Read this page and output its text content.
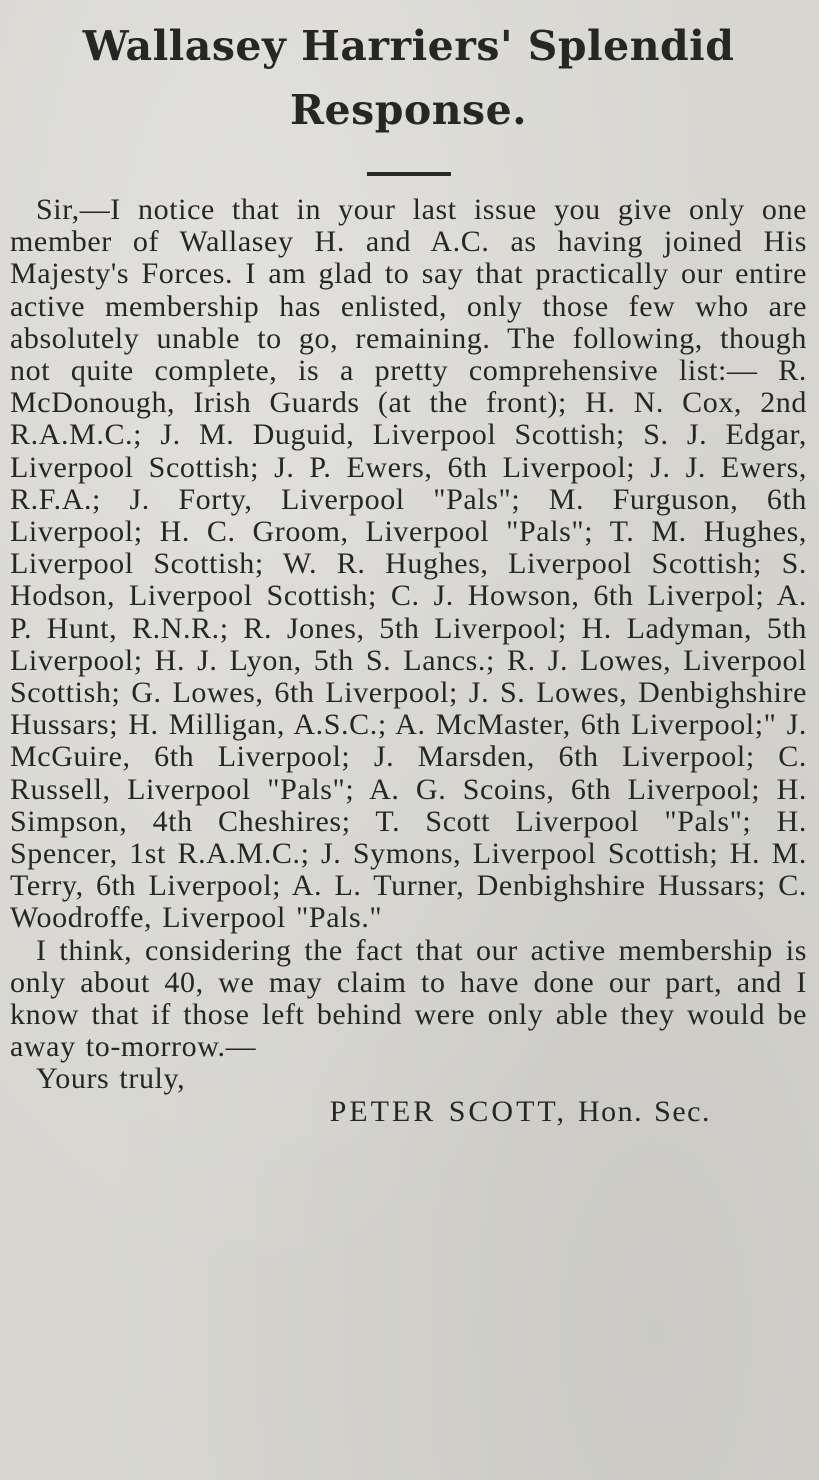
Wallasey Harriers' Splendid Response.

Sir,—I notice that in your last issue you give only one member of Wallasey H. and A.C. as having joined His Majesty's Forces. I am glad to say that practically our entire active membership has enlisted, only those few who are absolutely unable to go, remaining. The following, though not quite complete, is a pretty comprehensive list:— R. McDonough, Irish Guards (at the front); H. N. Cox, 2nd R.A.M.C.; J. M. Duguid, Liverpool Scottish; S. J. Edgar, Liverpool Scottish; J. P. Ewers, 6th Liverpool; J. J. Ewers, R.F.A.; J. Forty, Liverpool "Pals"; M. Furguson, 6th Liverpool; H. C. Groom, Liverpool "Pals"; T. M. Hughes, Liverpool Scottish; W. R. Hughes, Liverpool Scottish; S. Hodson, Liverpool Scottish; C. J. Howson, 6th Liverpol; A. P. Hunt, R.N.R.; R. Jones, 5th Liverpool; H. Ladyman, 5th Liverpool; H. J. Lyon, 5th S. Lancs.; R. J. Lowes, Liverpool Scottish; G. Lowes, 6th Liverpool; J. S. Lowes, Denbighshire Hussars; H. Milligan, A.S.C.; A. McMaster, 6th Liverpool;" J. McGuire, 6th Liverpool; J. Marsden, 6th Liverpool; C. Russell, Liverpool "Pals"; A. G. Scoins, 6th Liverpool; H. Simpson, 4th Cheshires; T. Scott Liverpool "Pals"; H. Spencer, 1st R.A.M.C.; J. Symons, Liverpool Scottish; H. M. Terry, 6th Liverpool; A. L. Turner, Denbighshire Hussars; C. Woodroffe, Liverpool "Pals."

I think, considering the fact that our active membership is only about 40, we may claim to have done our part, and I know that if those left behind were only able they would be away to-morrow.—

Yours truly,

PETER SCOTT, Hon. Sec.
